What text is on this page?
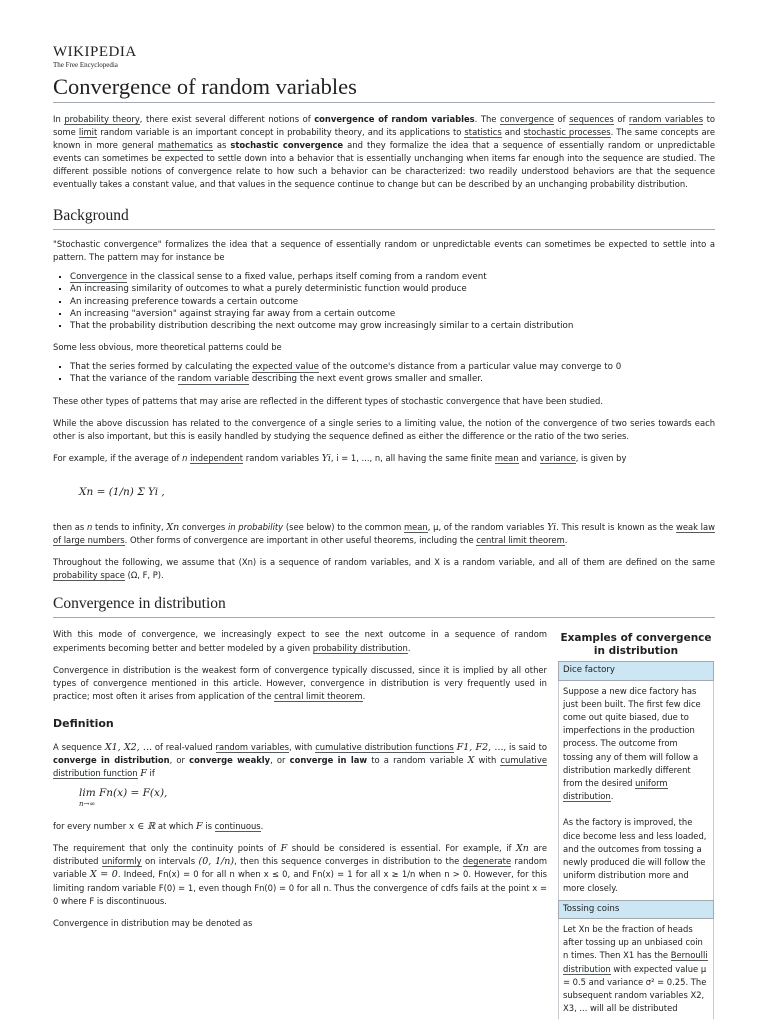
WIKIPEDIA
The Free Encyclopedia
Convergence of random variables

In probability theory, there exist several different notions of convergence of random variables. The convergence of sequences of random variables to some limit random variable is an important concept in probability theory, and its applications to statistics and stochastic processes. The same concepts are known in more general mathematics as stochastic convergence and they formalize the idea that a sequence of essentially random or unpredictable events can sometimes be expected to settle down into a behavior that is essentially unchanging when items far enough into the sequence are studied. The different possible notions of convergence relate to how such a behavior can be characterized: two readily understood behaviors are that the sequence eventually takes a constant value, and that values in the sequence continue to change but can be described by an unchanging probability distribution.

Background

"Stochastic convergence" formalizes the idea that a sequence of essentially random or unpredictable events can sometimes be expected to settle into a pattern. The pattern may for instance be

▪ Convergence in the classical sense to a fixed value, perhaps itself coming from a random event
▪ An increasing similarity of outcomes to what a purely deterministic function would produce
▪ An increasing preference towards a certain outcome
▪ An increasing "aversion" against straying far away from a certain outcome
▪ That the probability distribution describing the next outcome may grow increasingly similar to a certain distribution

Some less obvious, more theoretical patterns could be

▪ That the series formed by calculating the expected value of the outcome's distance from a particular value may converge to 0
▪ That the variance of the random variable describing the next event grows smaller and smaller.

These other types of patterns that may arise are reflected in the different types of stochastic convergence that have been studied.

While the above discussion has related to the convergence of a single series to a limiting value, the notion of the convergence of two series towards each other is also important, but this is easily handled by studying the sequence defined as either the difference or the ratio of the two series.

For example, if the average of n independent random variables Yi, i = 1, ..., n, all having the same finite mean and variance, is given by

Xn = (1/n) Σ Yi ,

then as n tends to infinity, Xn converges in probability (see below) to the common mean, μ, of the random variables Yi. This result is known as the weak law of large numbers. Other forms of convergence are important in other useful theorems, including the central limit theorem.

Throughout the following, we assume that (Xn) is a sequence of random variables, and X is a random variable, and all of them are defined on the same probability space (Ω, F, P).

Convergence in distribution

With this mode of convergence, we increasingly expect to see the next outcome in a sequence of random experiments becoming better and better modeled by a given probability distribution.

Convergence in distribution is the weakest form of convergence typically discussed, since it is implied by all other types of convergence mentioned in this article. However, convergence in distribution is very frequently used in practice; most often it arises from application of the central limit theorem.

Definition

A sequence X1, X2, ... of real-valued random variables, with cumulative distribution functions F1, F2, ..., is said to converge in distribution, or converge weakly, or converge in law to a random variable X with cumulative distribution function F if

lim Fn(x) = F(x),
n→∞

for every number x ∈ ℝ at which F is continuous.

The requirement that only the continuity points of F should be considered is essential. For example, if Xn are distributed uniformly on intervals (0, 1/n), then this sequence converges in distribution to the degenerate random variable X = 0. Indeed, Fn(x) = 0 for all n when x ≤ 0, and Fn(x) = 1 for all x ≥ 1/n when n > 0. However, for this limiting random variable F(0) = 1, even though Fn(0) = 0 for all n. Thus the convergence of cdfs fails at the point x = 0 where F is discontinuous.

Convergence in distribution may be denoted as

Examples of convergence in distribution
Dice factory

Suppose a new dice factory has just been built. The first few dice come out quite biased, due to imperfections in the production process. The outcome from tossing any of them will follow a distribution markedly different from the desired uniform distribution.

As the factory is improved, the dice become less and less loaded, and the outcomes from tossing a newly produced die will follow the uniform distribution more and more closely.

Tossing coins

Let Xn be the fraction of heads after tossing up an unbiased coin n times. Then X1 has the Bernoulli distribution with expected value μ = 0.5 and variance σ² = 0.25. The subsequent random variables X2, X3, ... will all be distributed
